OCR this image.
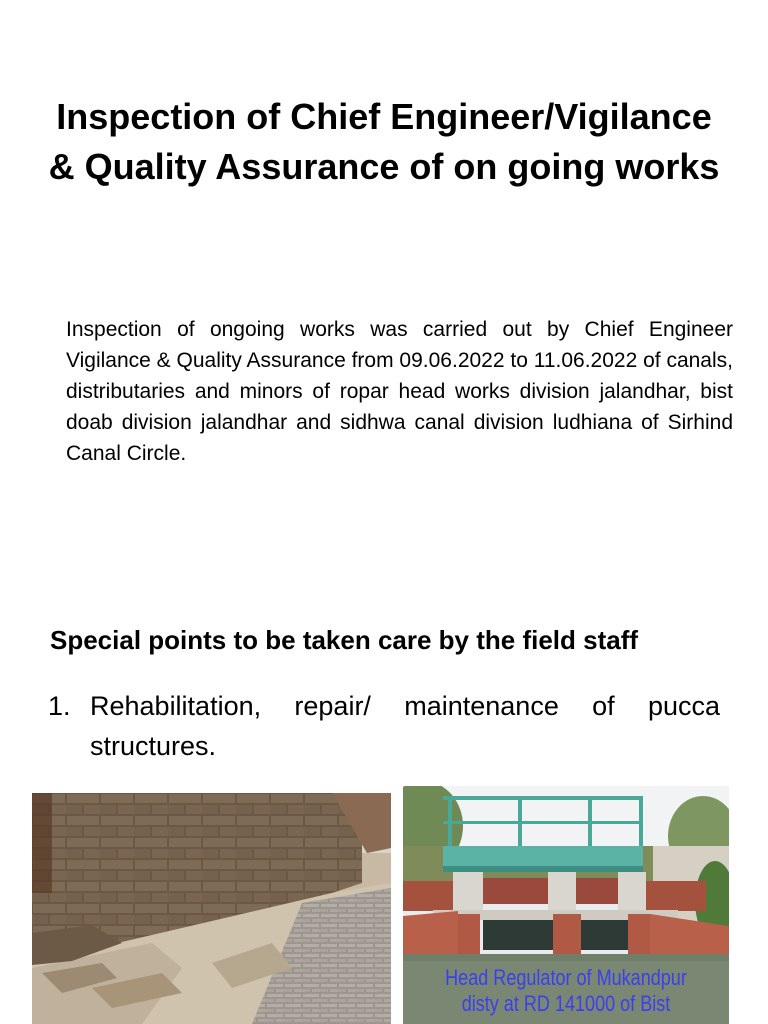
Inspection of Chief Engineer/Vigilance
& Quality Assurance of on going works
Inspection of ongoing works was carried out by Chief Engineer Vigilance & Quality Assurance from 09.06.2022 to 11.06.2022 of canals, distributaries and minors of ropar head works division jalandhar, bist doab division jalandhar and sidhwa canal division ludhiana of Sirhind Canal Circle.
Special points to be taken care by the field staff
1. Rehabilitation, repair/ maintenance of pucca structures.
Head Regulator of Mukandpur
disty at RD 141000 of Bist
